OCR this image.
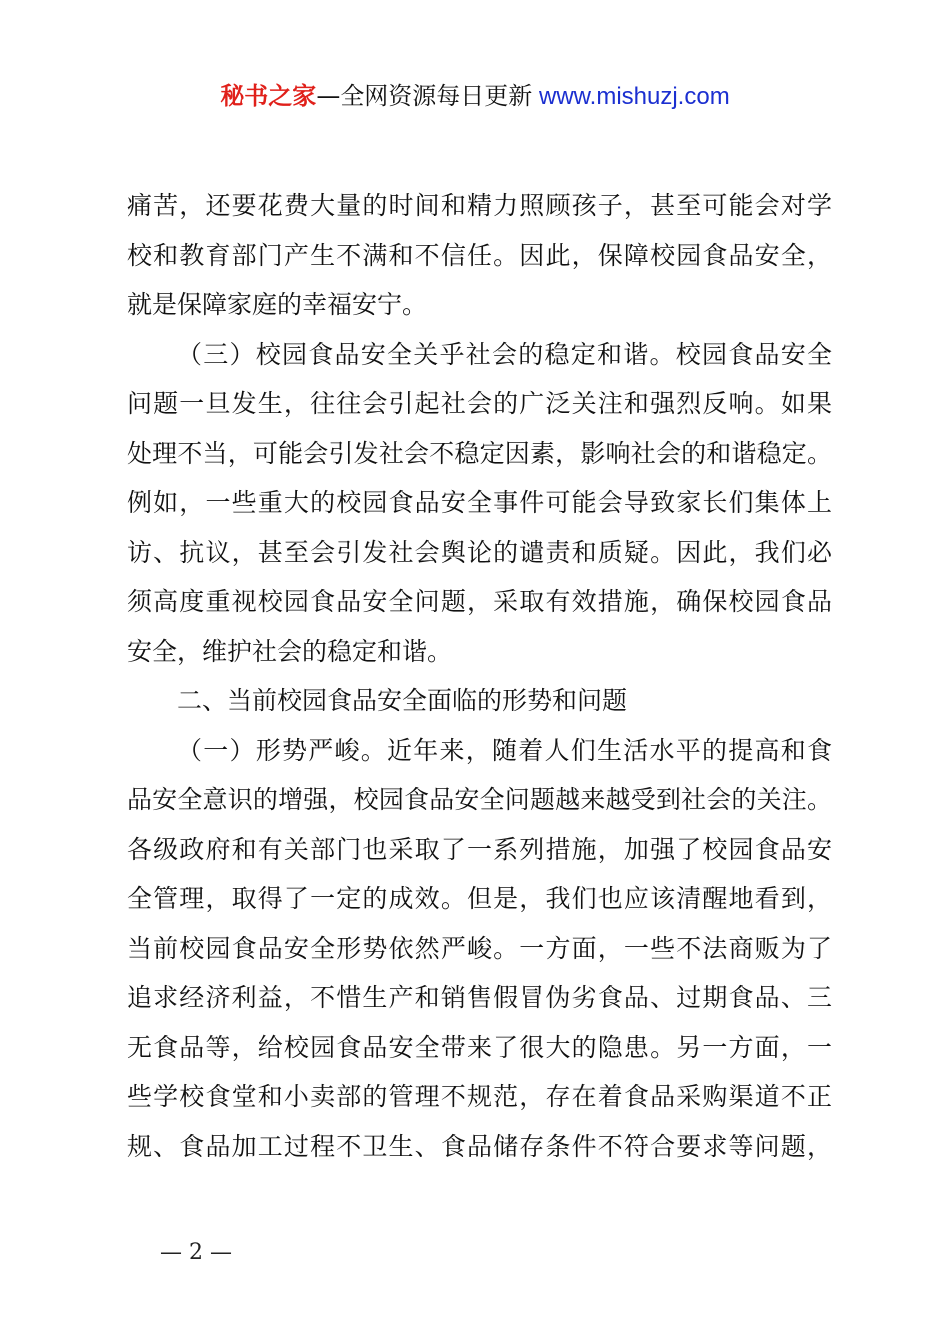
秘书之家—全网资源每日更新 www.mishuzj.com
痛苦，还要花费大量的时间和精力照顾孩子，甚至可能会对学
校和教育部门产生不满和不信任。因此，保障校园食品安全，
就是保障家庭的幸福安宁。
（三）校园食品安全关乎社会的稳定和谐。校园食品安全
问题一旦发生，往往会引起社会的广泛关注和强烈反响。如果
处理不当，可能会引发社会不稳定因素，影响社会的和谐稳定。
例如，一些重大的校园食品安全事件可能会导致家长们集体上
访、抗议，甚至会引发社会舆论的谴责和质疑。因此，我们必
须高度重视校园食品安全问题，采取有效措施，确保校园食品
安全，维护社会的稳定和谐。
二、当前校园食品安全面临的形势和问题
（一）形势严峻。近年来，随着人们生活水平的提高和食
品安全意识的增强，校园食品安全问题越来越受到社会的关注。
各级政府和有关部门也采取了一系列措施，加强了校园食品安
全管理，取得了一定的成效。但是，我们也应该清醒地看到，
当前校园食品安全形势依然严峻。一方面，一些不法商贩为了
追求经济利益，不惜生产和销售假冒伪劣食品、过期食品、三
无食品等，给校园食品安全带来了很大的隐患。另一方面，一
些学校食堂和小卖部的管理不规范，存在着食品采购渠道不正
规、食品加工过程不卫生、食品储存条件不符合要求等问题，
— 2 —
